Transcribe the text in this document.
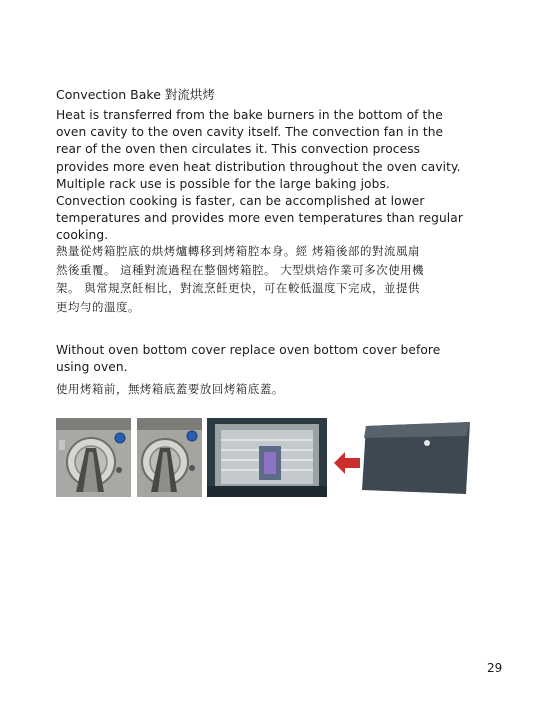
Convection Bake 對流烘烤
Heat is transferred from the bake burners in the bottom of the
oven cavity to the oven cavity itself. The convection fan in the
rear of the oven then circulates it. This convection process
provides more even heat distribution throughout the oven cavity.
Multiple rack use is possible for the large baking jobs.
Convection cooking is faster, can be accomplished at lower
temperatures and provides more even temperatures than regular
cooking.
熱量從烤箱腔底的烘烤爐轉移到烤箱腔本身。經 烤箱後部的對流風扇
然後重覆。 這種對流過程在整個烤箱腔。 大型烘焙作業可多次使用機
架。 與常規烹飪相比，對流烹飪更快，可在較低溫度下完成，並提供
更均勻的溫度。
Without oven bottom cover replace oven bottom cover before
using oven.
使用烤箱前，無烤箱底蓋要放回烤箱底蓋。
29
